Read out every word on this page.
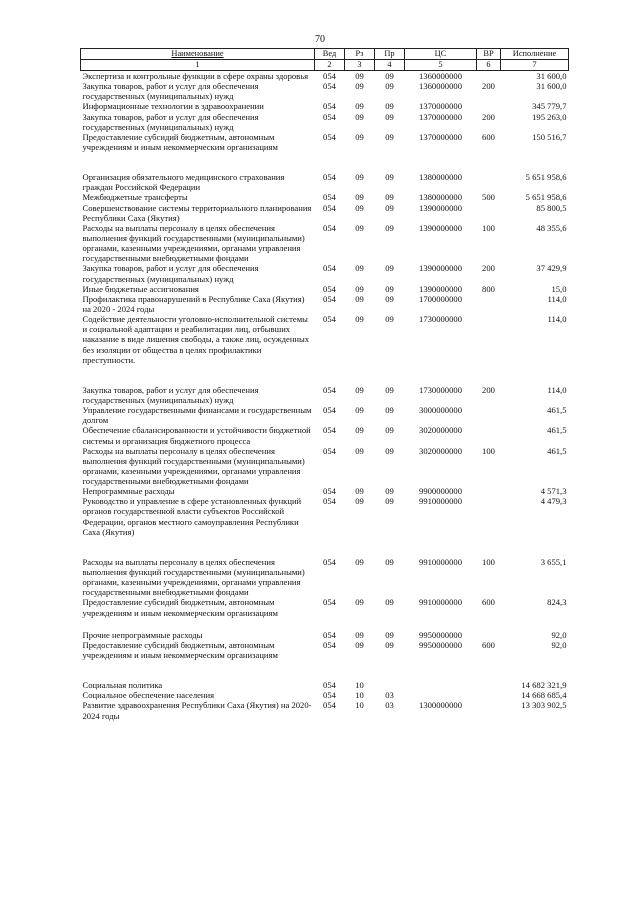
70
Наименование	Вед	Рз	Пр	ЦС	ВР	Исполнение
1	2	3	4	5	6	7
Экспертиза и контрольные функции в сфере охраны здоровья	054	09	09	1360000000		31 600,0
Закупка товаров, работ и услуг для обеспечения государственных (муниципальных) нужд	054	09	09	1360000000	200	31 600,0
Информационные технологии в здравоохранении	054	09	09	1370000000		345 779,7
Закупка товаров, работ и услуг для обеспечения государственных (муниципальных) нужд	054	09	09	1370000000	200	195 263,0
Предоставление субсидий бюджетным, автономным учреждениям и иным некоммерческим организациям	054	09	09	1370000000	600	150 516,7

Организация обязательного медицинского страхования граждан Российской Федерации	054	09	09	1380000000		5 651 958,6
Межбюджетные трансферты	054	09	09	1380000000	500	5 651 958,6
Совершенствование системы территориального планирования Республики Саха (Якутия)	054	09	09	1390000000		85 800,5
Расходы на выплаты персоналу в целях обеспечения выполнения функций государственными (муниципальными) органами, казенными учреждениями, органами управления государственными внебюджетными фондами	054	09	09	1390000000	100	48 355,6
Закупка товаров, работ и услуг для обеспечения государственных (муниципальных) нужд	054	09	09	1390000000	200	37 429,9
Иные бюджетные ассигнования	054	09	09	1390000000	800	15,0
Профилактика правонарушений в Республике Саха (Якутия) на 2020 - 2024 годы	054	09	09	1700000000		114,0
Содействие деятельности уголовно-исполнительной системы и социальной адаптации и реабилитации лиц, отбывших наказание в виде лишения свободы, а также лиц, осужденных без изоляции от общества в целях профилактики преступности.	054	09	09	1730000000		114,0

Закупка товаров, работ и услуг для обеспечения государственных (муниципальных) нужд	054	09	09	1730000000	200	114,0
Управление государственными финансами и государственным долгом	054	09	09	3000000000		461,5
Обеспечение сбалансированности и устойчивости бюджетной системы и организация бюджетного процесса	054	09	09	3020000000		461,5
Расходы на выплаты персоналу в целях обеспечения выполнения функций государственными (муниципальными) органами, казенными учреждениями, органами управления государственными внебюджетными фондами	054	09	09	3020000000	100	461,5
Непрограммные расходы	054	09	09	9900000000		4 571,3
Руководство и управление в сфере установленных функций органов государственной власти субъектов Российской Федерации, органов местного самоуправления Республики Саха (Якутия)	054	09	09	9910000000		4 479,3

Расходы на выплаты персоналу в целях обеспечения выполнения функций государственными (муниципальными) органами, казенными учреждениями, органами управления государственными внебюджетными фондами	054	09	09	9910000000	100	3 655,1
Предоставление субсидий бюджетным, автономным учреждениям и иным некоммерческим организациям	054	09	09	9910000000	600	824,3

Прочие непрограммные расходы	054	09	09	9950000000		92,0
Предоставление субсидий бюджетным, автономным учреждениям и иным некоммерческим организациям	054	09	09	9950000000	600	92,0

Социальная политика	054	10				14 682 321,9
Социальное обеспечение населения	054	10	03			14 668 685,4
Развитие здравоохранения Республики Саха (Якутия) на 2020-2024 годы	054	10	03	1300000000		13 303 902,5
